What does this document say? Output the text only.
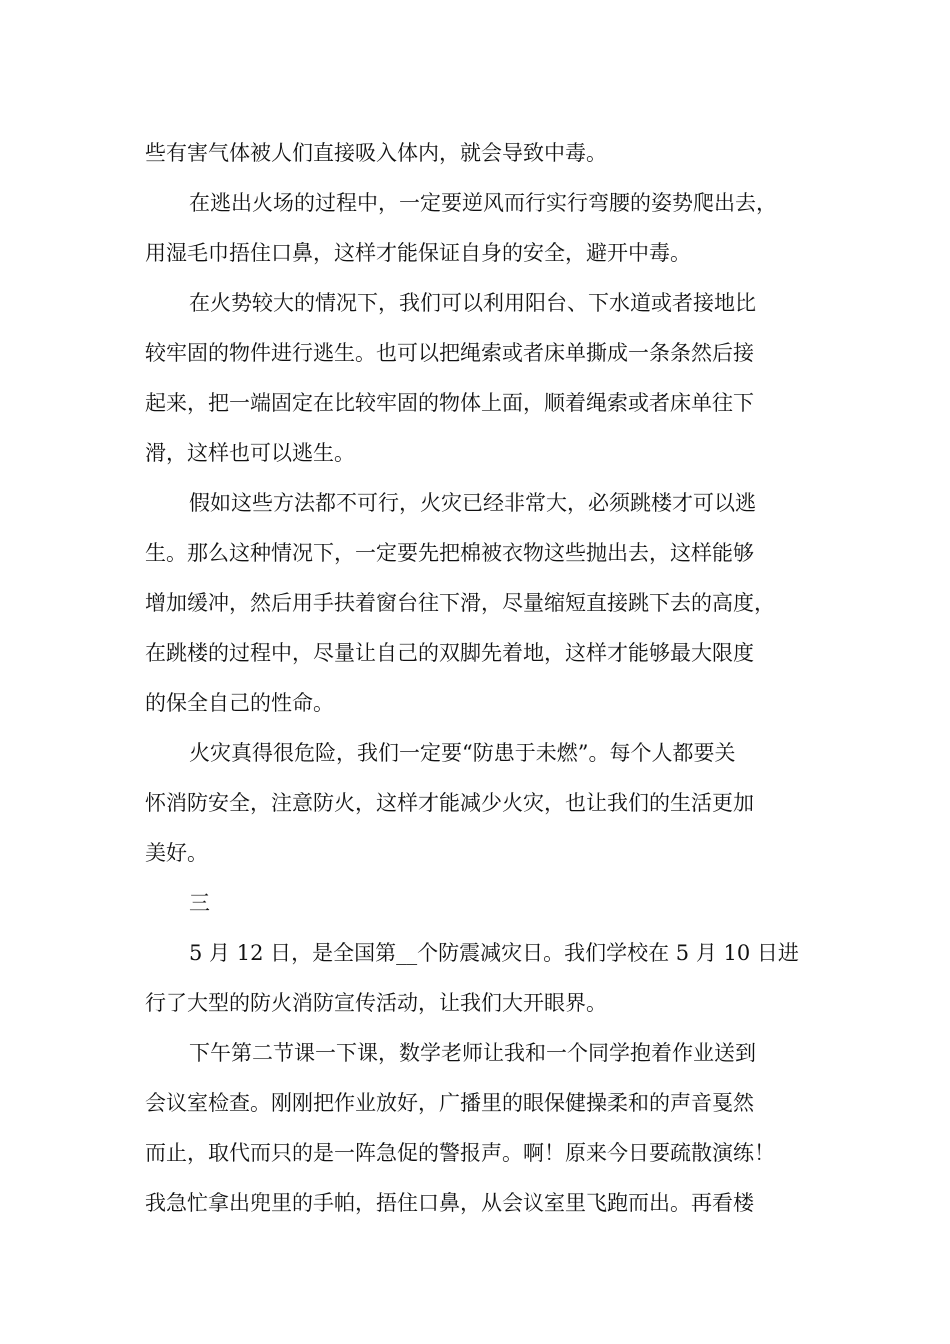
些有害气体被人们直接吸入体内，就会导致中毒。
在逃出火场的过程中，一定要逆风而行实行弯腰的姿势爬出去，
用湿毛巾捂住口鼻，这样才能保证自身的安全，避开中毒。
在火势较大的情况下，我们可以利用阳台、下水道或者接地比
较牢固的物件进行逃生。也可以把绳索或者床单撕成一条条然后接
起来，把一端固定在比较牢固的物体上面，顺着绳索或者床单往下
滑，这样也可以逃生。
假如这些方法都不可行，火灾已经非常大，必须跳楼才可以逃
生。那么这种情况下，一定要先把棉被衣物这些抛出去，这样能够
增加缓冲，然后用手扶着窗台往下滑，尽量缩短直接跳下去的高度，
在跳楼的过程中，尽量让自己的双脚先着地，这样才能够最大限度
的保全自己的性命。
火灾真得很危险，我们一定要“防患于未燃”。每个人都要关
怀消防安全，注意防火，这样才能减少火灾，也让我们的生活更加
美好。
三
5 月 12 日，是全国第__个防震减灾日。我们学校在 5 月 10 日进
行了大型的防火消防宣传活动，让我们大开眼界。
下午第二节课一下课，数学老师让我和一个同学抱着作业送到
会议室检查。刚刚把作业放好，广播里的眼保健操柔和的声音戛然
而止，取代而只的是一阵急促的警报声。啊！原来今日要疏散演练！
我急忙拿出兜里的手帕，捂住口鼻，从会议室里飞跑而出。再看楼
